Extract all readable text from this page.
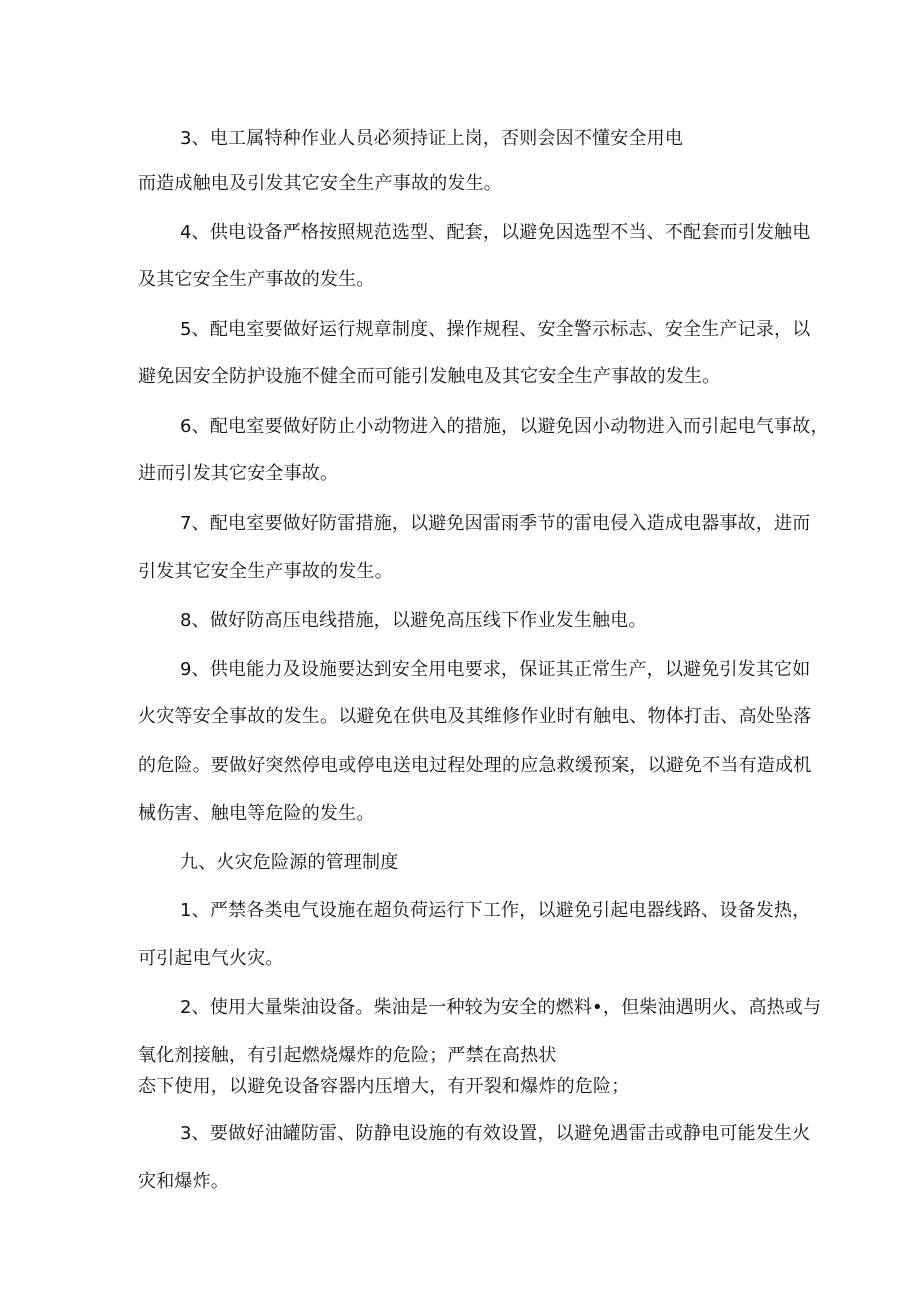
3、电工属特种作业人员必须持证上岗，否则会因不懂安全用电
而造成触电及引发其它安全生产事故的发生。
4、供电设备严格按照规范选型、配套，以避免因选型不当、不配套而引发触电
及其它安全生产事故的发生。
5、配电室要做好运行规章制度、操作规程、安全警示标志、安全生产记录，以
避免因安全防护设施不健全而可能引发触电及其它安全生产事故的发生。
6、配电室要做好防止小动物进入的措施，以避免因小动物进入而引起电气事故，
进而引发其它安全事故。
7、配电室要做好防雷措施，以避免因雷雨季节的雷电侵入造成电器事故，进而
引发其它安全生产事故的发生。
8、做好防高压电线措施，以避免高压线下作业发生触电。
9、供电能力及设施要达到安全用电要求，保证其正常生产，以避免引发其它如
火灾等安全事故的发生。以避免在供电及其维修作业时有触电、物体打击、高处坠落
的危险。要做好突然停电或停电送电过程处理的应急救缓预案，以避免不当有造成机
械伤害、触电等危险的发生。
九、火灾危险源的管理制度
1、严禁各类电气设施在超负荷运行下工作，以避免引起电器线路、设备发热，
可引起电气火灾。
2、使用大量柴油设备。柴油是一种较为安全的燃料•，但柴油遇明火、高热或与
氧化剂接触，有引起燃烧爆炸的危险；严禁在高热状
态下使用，以避免设备容器内压增大，有开裂和爆炸的危险；
3、要做好油罐防雷、防静电设施的有效设置，以避免遇雷击或静电可能发生火
灾和爆炸。
